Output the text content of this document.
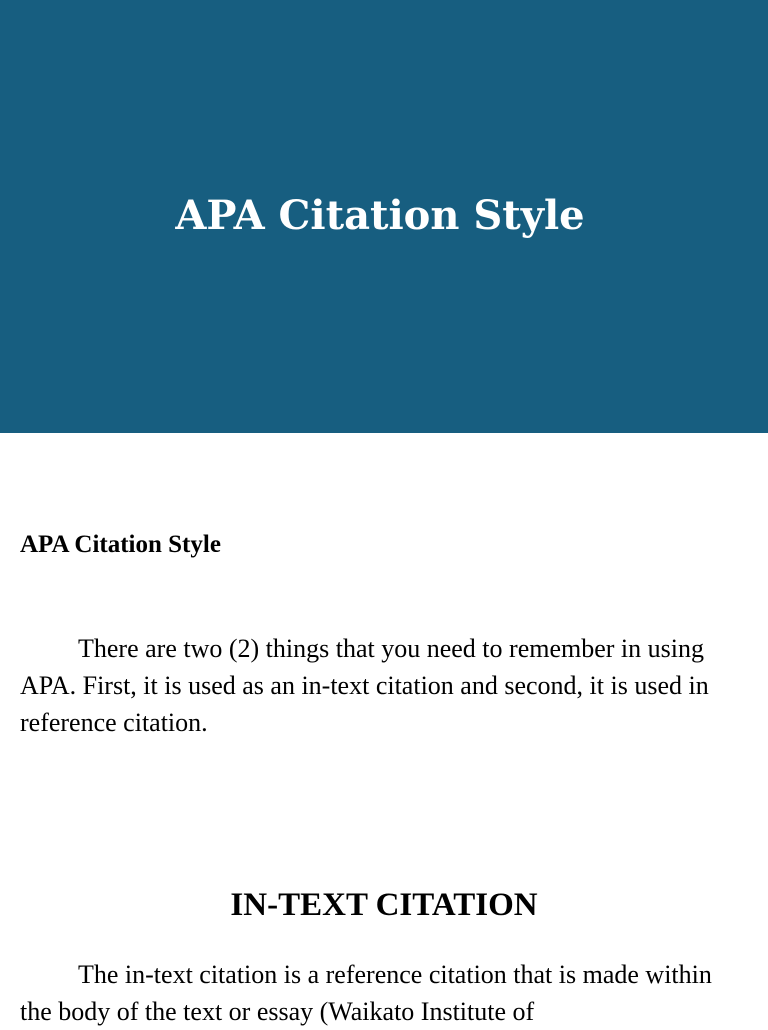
APA Citation Style
APA Citation Style

There are two (2) things that you need to remember in using APA. First, it is used as an in-text citation and second, it is used in reference citation.

IN-TEXT CITATION

The in-text citation is a reference citation that is made within the body of the text or essay (Waikato Institute of
